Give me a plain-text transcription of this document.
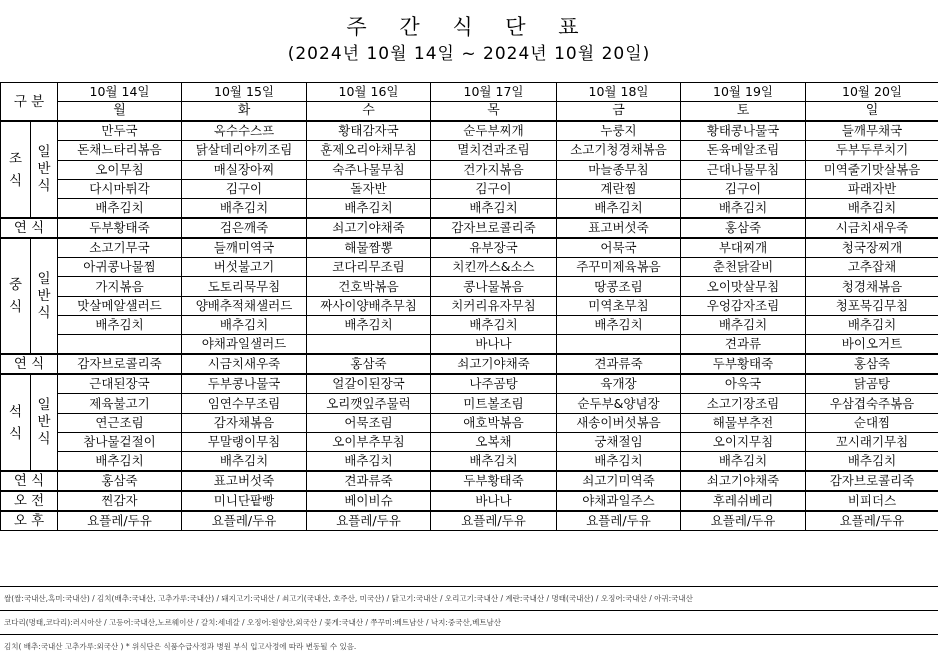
주 간 식 단 표
(2024년 10월 14일 ~ 2024년 10월 20일)
구 분		10월 14일	10월 15일	10월 16일	10월 17일	10월 18일	10월 19일	10월 20일
		월	화	수	목	금	토	일
조
식	일
반
식	만두국	옥수수스프	황태감자국	순두부찌개	누룽지	황태콩나물국	들깨무채국
		돈채느타리볶음	닭살데리야끼조림	훈제오리야채무침	멸치견과조림	소고기청경채볶음	돈육메알조림	두부두루치기
		오이무침	매실장아찌	숙주나물무침	건가지볶음	마늘종무침	근대나물무침	미역줄기맛살볶음
		다시마튀각	김구이	돌자반	김구이	계란찜	김구이	파래자반
		배추김치	배추김치	배추김치	배추김치	배추김치	배추김치	배추김치
연 식		두부황태죽	검은깨죽	쇠고기야채죽	감자브로콜리죽	표고버섯죽	홍삼죽	시금치새우죽
중
식	일
반
식	소고기무국	들깨미역국	해물짬뽕	유부장국	어묵국	부대찌개	청국장찌개
		아귀콩나물찜	버섯불고기	코다리무조림	치킨까스&소스	주꾸미제육볶음	춘천닭갈비	고추잡채
		가지볶음	도토리묵무침	건호박볶음	콩나물볶음	땅콩조림	오이맛살무침	청경채볶음
		맛살메알샐러드	양배추적채샐러드	짜사이양배추무침	치커리유자무침	미역초무침	우엉감자조림	청포묵김무침
		배추김치	배추김치	배추김치	배추김치	배추김치	배추김치	배추김치
			야채과일샐러드		바나나		견과류	바이오거트
연 식		감자브로콜리죽	시금치새우죽	홍삼죽	쇠고기야채죽	견과류죽	두부황태죽	홍삼죽
석
식	일
반
식	근대된장국	두부콩나물국	얼갈이된장국	나주곰탕	육개장	아욱국	닭곰탕
		제육불고기	임연수무조림	오리깻잎주물럭	미트볼조림	순두부&양념장	소고기장조림	우삼겹숙주볶음
		연근조림	감자채볶음	어묵조림	애호박볶음	새송이버섯볶음	해물부추전	순대찜
		참나물겉절이	무말랭이무침	오이부추무침	오복채	궁채절임	오이지무침	꼬시래기무침
		배추김치	배추김치	배추김치	배추김치	배추김치	배추김치	배추김치
연 식		홍삼죽	표고버섯죽	견과류죽	두부황태죽	쇠고기미역죽	쇠고기야채죽	감자브로콜리죽
오 전		찐감자	미니단팥빵	베이비슈	바나나	야채과일주스	후레쉬베리	비피더스
오 후		요플레/두유	요플레/두유	요플레/두유	요플레/두유	요플레/두유	요플레/두유	요플레/두유
쌀(쌀:국내산,흑미:국내산) / 김치(배추:국내산, 고추가루:국내산) / 돼지고기:국내산 / 쇠고기(국내산, 호주산, 미국산) / 닭고기:국내산 / 오리고기:국내산 / 계란:국내산 / 명태(국내산) / 오징어:국내산 / 아귀:국내산
코다리(명태,코다리):러시아산 / 고등어:국내산,노르웨이산 / 갈치:세네갈 / 오징어:원양산,외국산 / 꽃게:국내산 / 쭈꾸미:베트남산 / 낙지:중국산,베트남산
김치( 배추:국내산 고추가루:외국산 ) * 위식단은 식품수급사정과 병원 부식 입고사정에 따라 변동될 수 있음.
